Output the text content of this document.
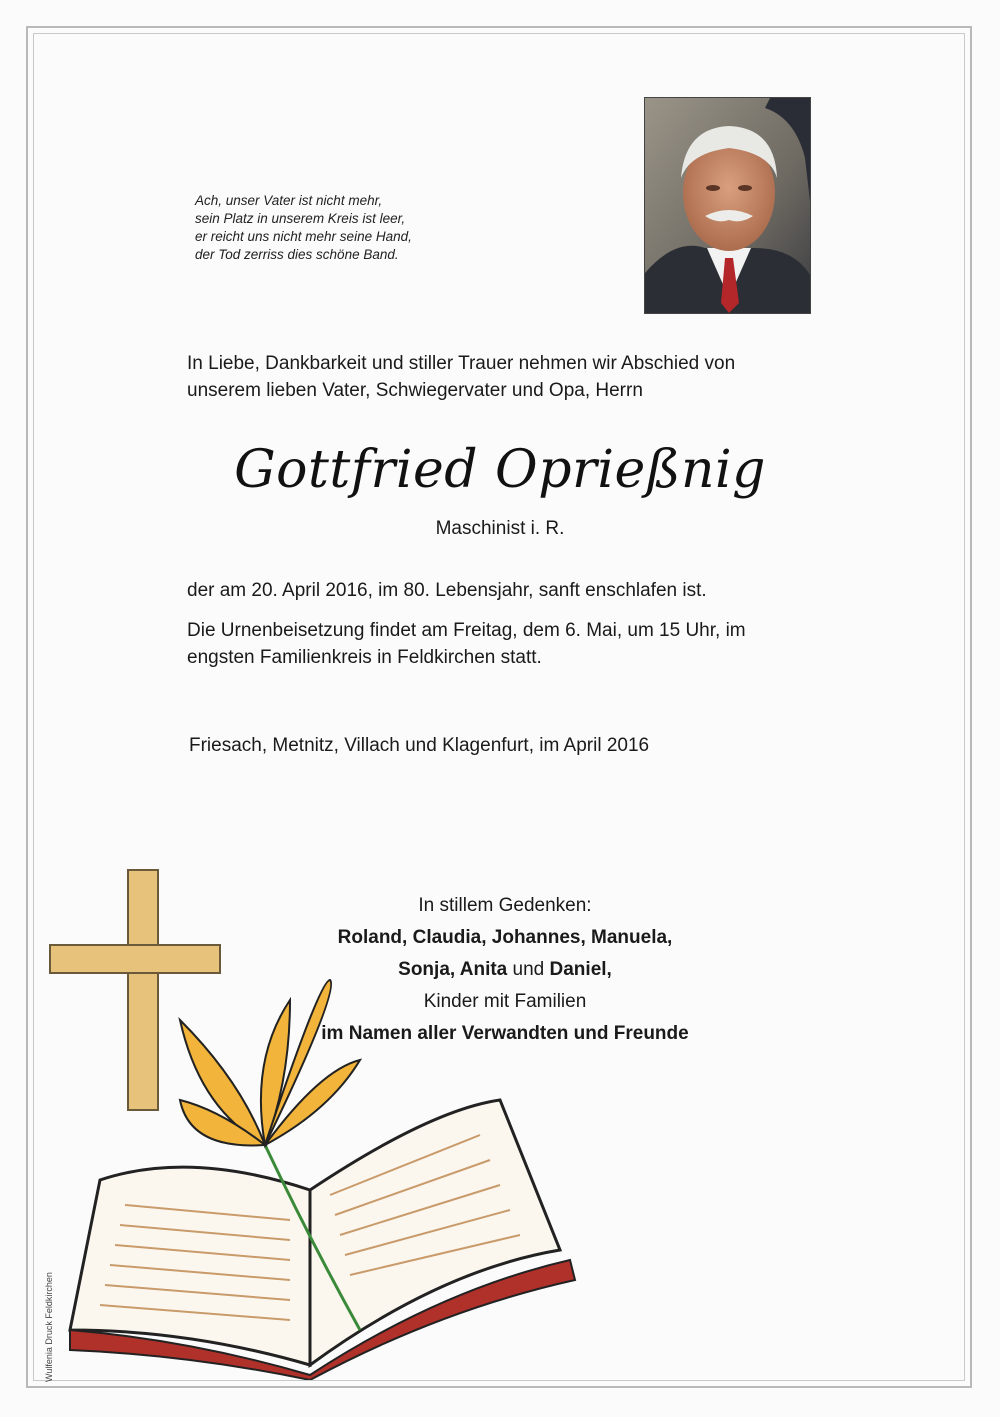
Ach, unser Vater ist nicht mehr,
sein Platz in unserem Kreis ist leer,
er reicht uns nicht mehr seine Hand,
der Tod zerriss dies schöne Band.
In Liebe, Dankbarkeit und stiller Trauer nehmen wir Abschied von
unserem lieben Vater, Schwiegervater und Opa, Herrn
Gottfried Oprießnig
Maschinist i. R.
der am 20. April 2016, im 80. Lebensjahr, sanft enschlafen ist.
Die Urnenbeisetzung findet am Freitag, dem 6. Mai, um 15 Uhr, im
engsten Familienkreis in Feldkirchen statt.
Friesach, Metnitz, Villach und Klagenfurt, im April 2016
In stillem Gedenken:
Roland, Claudia, Johannes, Manuela,
Sonja, Anita und Daniel,
Kinder mit Familien
im Namen aller Verwandten und Freunde
Wulfenia Druck Feldkirchen
